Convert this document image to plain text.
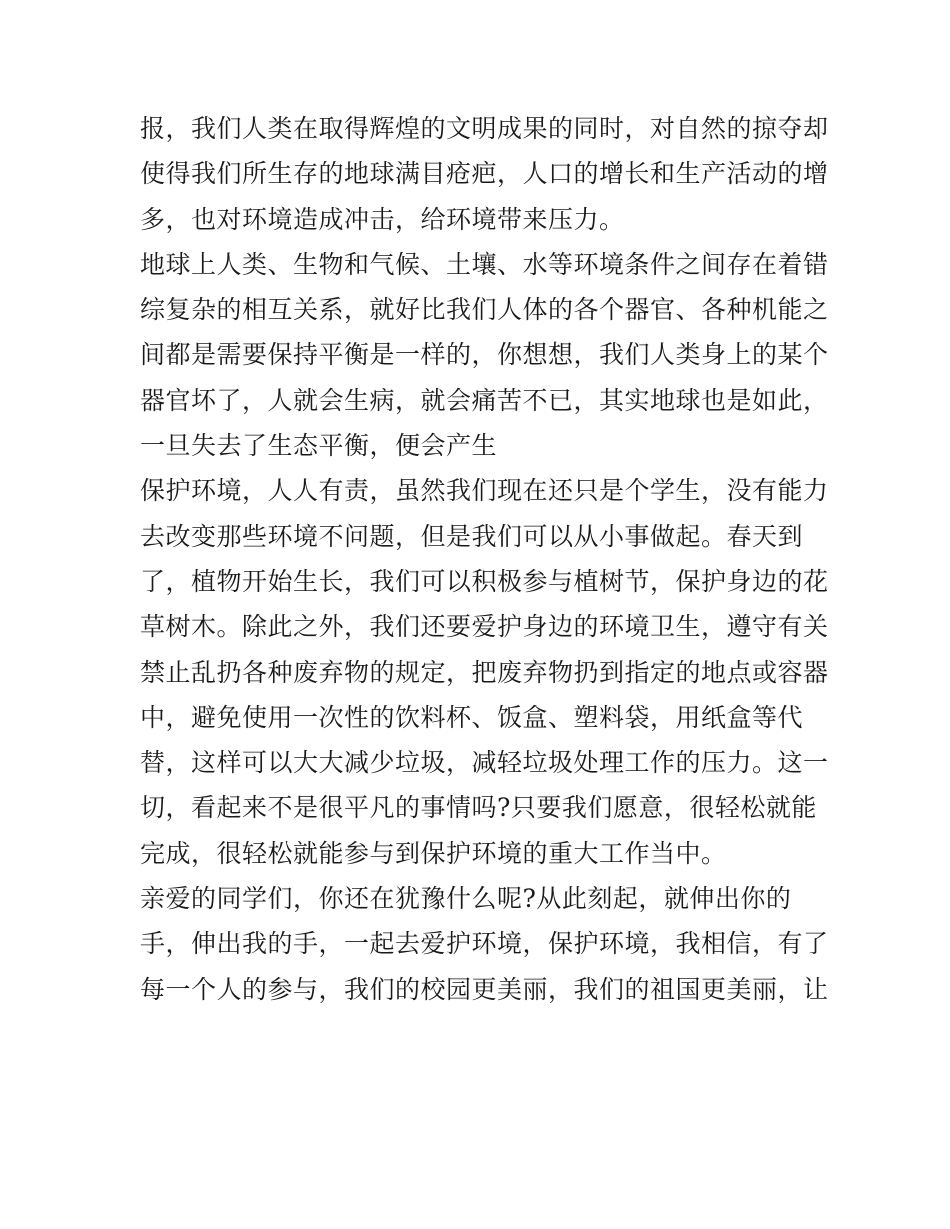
报，我们人类在取得辉煌的文明成果的同时，对自然的掠夺却
使得我们所生存的地球满目疮疤，人口的增长和生产活动的增
多，也对环境造成冲击，给环境带来压力。
地球上人类、生物和气候、土壤、水等环境条件之间存在着错
综复杂的相互关系，就好比我们人体的各个器官、各种机能之
间都是需要保持平衡是一样的，你想想，我们人类身上的某个
器官坏了，人就会生病，就会痛苦不已，其实地球也是如此，
一旦失去了生态平衡，便会产生
保护环境，人人有责，虽然我们现在还只是个学生，没有能力
去改变那些环境不问题，但是我们可以从小事做起。春天到
了，植物开始生长，我们可以积极参与植树节，保护身边的花
草树木。除此之外，我们还要爱护身边的环境卫生，遵守有关
禁止乱扔各种废弃物的规定，把废弃物扔到指定的地点或容器
中，避免使用一次性的饮料杯、饭盒、塑料袋，用纸盒等代
替，这样可以大大减少垃圾，减轻垃圾处理工作的压力。这一
切，看起来不是很平凡的事情吗?只要我们愿意，很轻松就能
完成，很轻松就能参与到保护环境的重大工作当中。
亲爱的同学们，你还在犹豫什么呢?从此刻起，就伸出你的
手，伸出我的手，一起去爱护环境，保护环境，我相信，有了
每一个人的参与，我们的校园更美丽，我们的祖国更美丽，让
